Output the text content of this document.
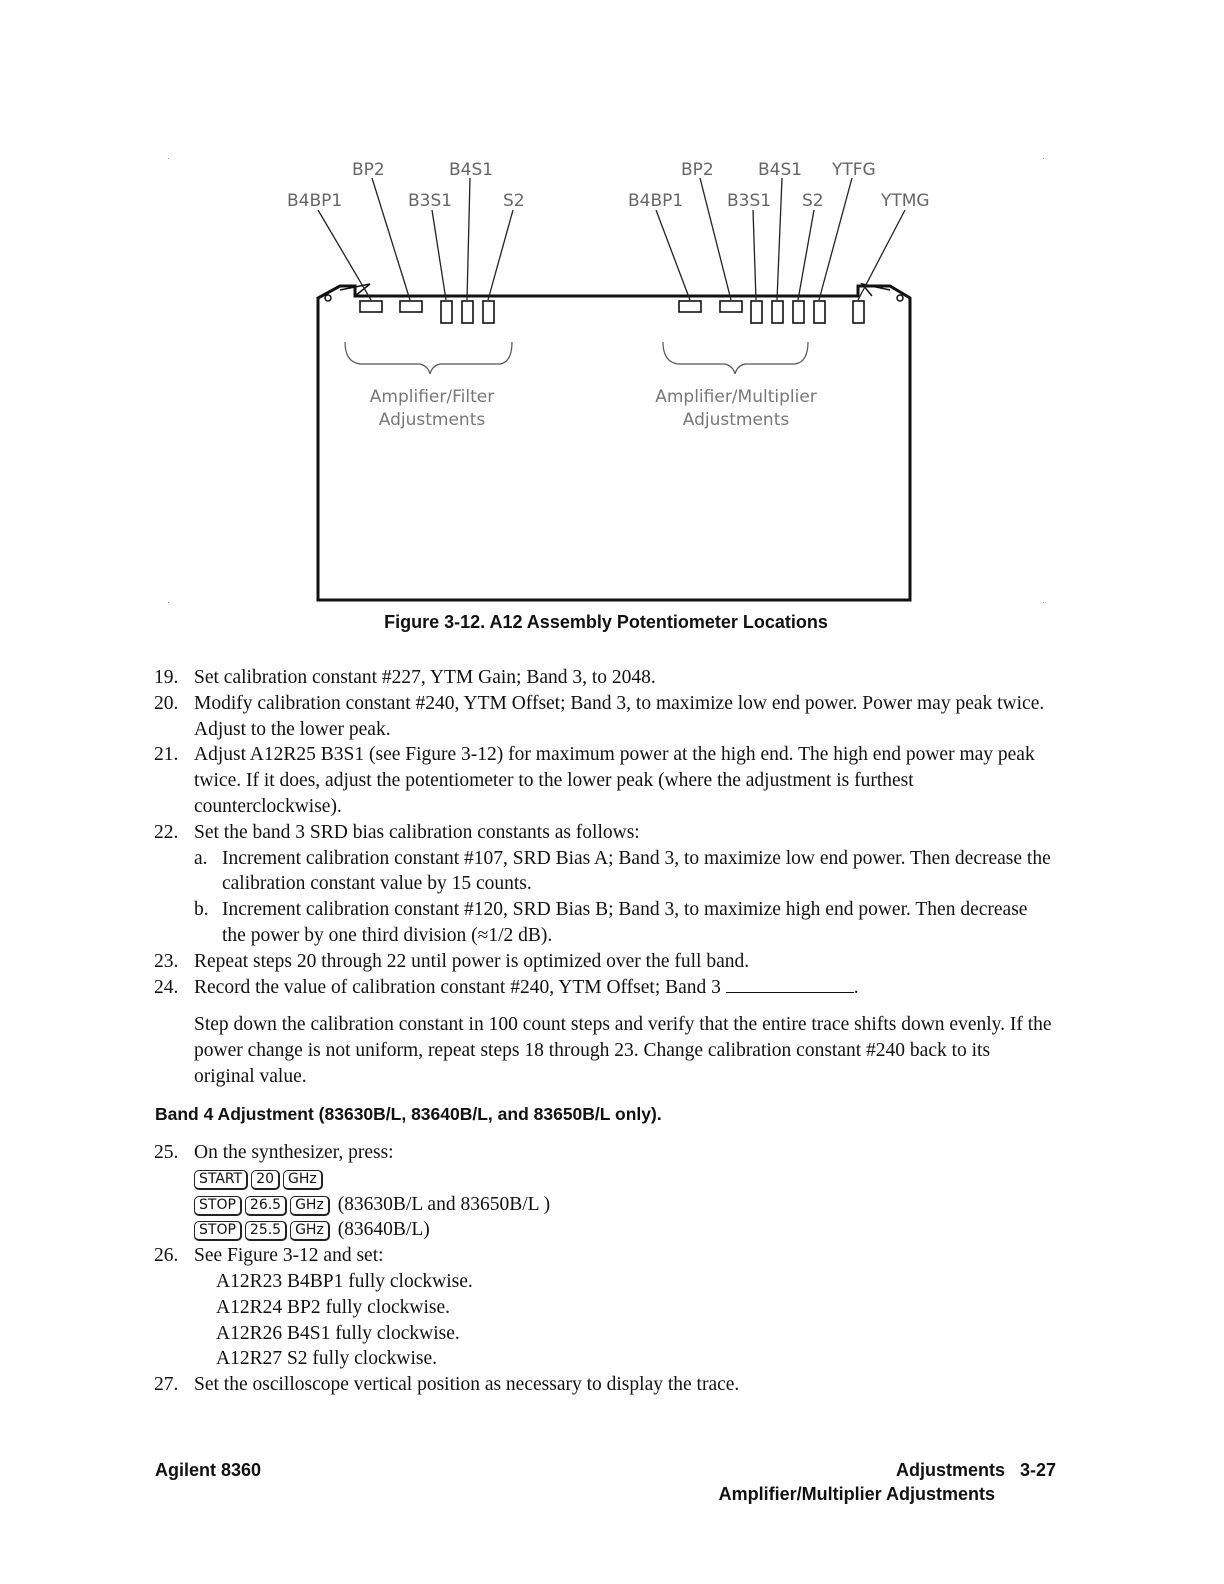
BP2	B4S1
B4BP1	B3S1	S2
BP2	B4S1 YTFG
B4BP1	B3S1 S2	YTMG
Amplifier/Filter
Adjustments
Amplifier/Multiplier
Adjustments
Figure 3-12. A12 Assembly Potentiometer Locations
19. Set calibration constant #227, YTM Gain; Band 3, to 2048.
20. Modify calibration constant #240, YTM Offset; Band 3, to maximize low end power. Power may peak twice. Adjust to the lower peak.
21. Adjust A12R25 B3S1 (see Figure 3-12) for maximum power at the high end. The high end power may peak twice. If it does, adjust the potentiometer to the lower peak (where the adjustment is furthest counterclockwise).
22. Set the band 3 SRD bias calibration constants as follows:
a. Increment calibration constant #107, SRD Bias A; Band 3, to maximize low end power. Then decrease the calibration constant value by 15 counts.
b. Increment calibration constant #120, SRD Bias B; Band 3, to maximize high end power. Then decrease the power by one third division (≈1/2 dB).
23. Repeat steps 20 through 22 until power is optimized over the full band.
24. Record the value of calibration constant #240, YTM Offset; Band 3	.
Step down the calibration constant in 100 count steps and verify that the entire trace shifts down evenly. If the power change is not uniform, repeat steps 18 through 23. Change calibration constant #240 back to its original value.
Band 4 Adjustment (83630B/L, 83640B/L, and 83650B/L only).
25. On the synthesizer, press:
START 20 GHz
STOP 26.5 GHz (83630B/L and 83650B/L )
STOP 25.5 GHz (83640B/L)
26. See Figure 3-12 and set:
A12R23 B4BP1 fully clockwise.
A12R24 BP2 fully clockwise.
A12R26 B4S1 fully clockwise.
A12R27 S2 fully clockwise.
27. Set the oscilloscope vertical position as necessary to display the trace.
Agilent 8360	Adjustments   3-27
Amplifier/Multiplier Adjustments
